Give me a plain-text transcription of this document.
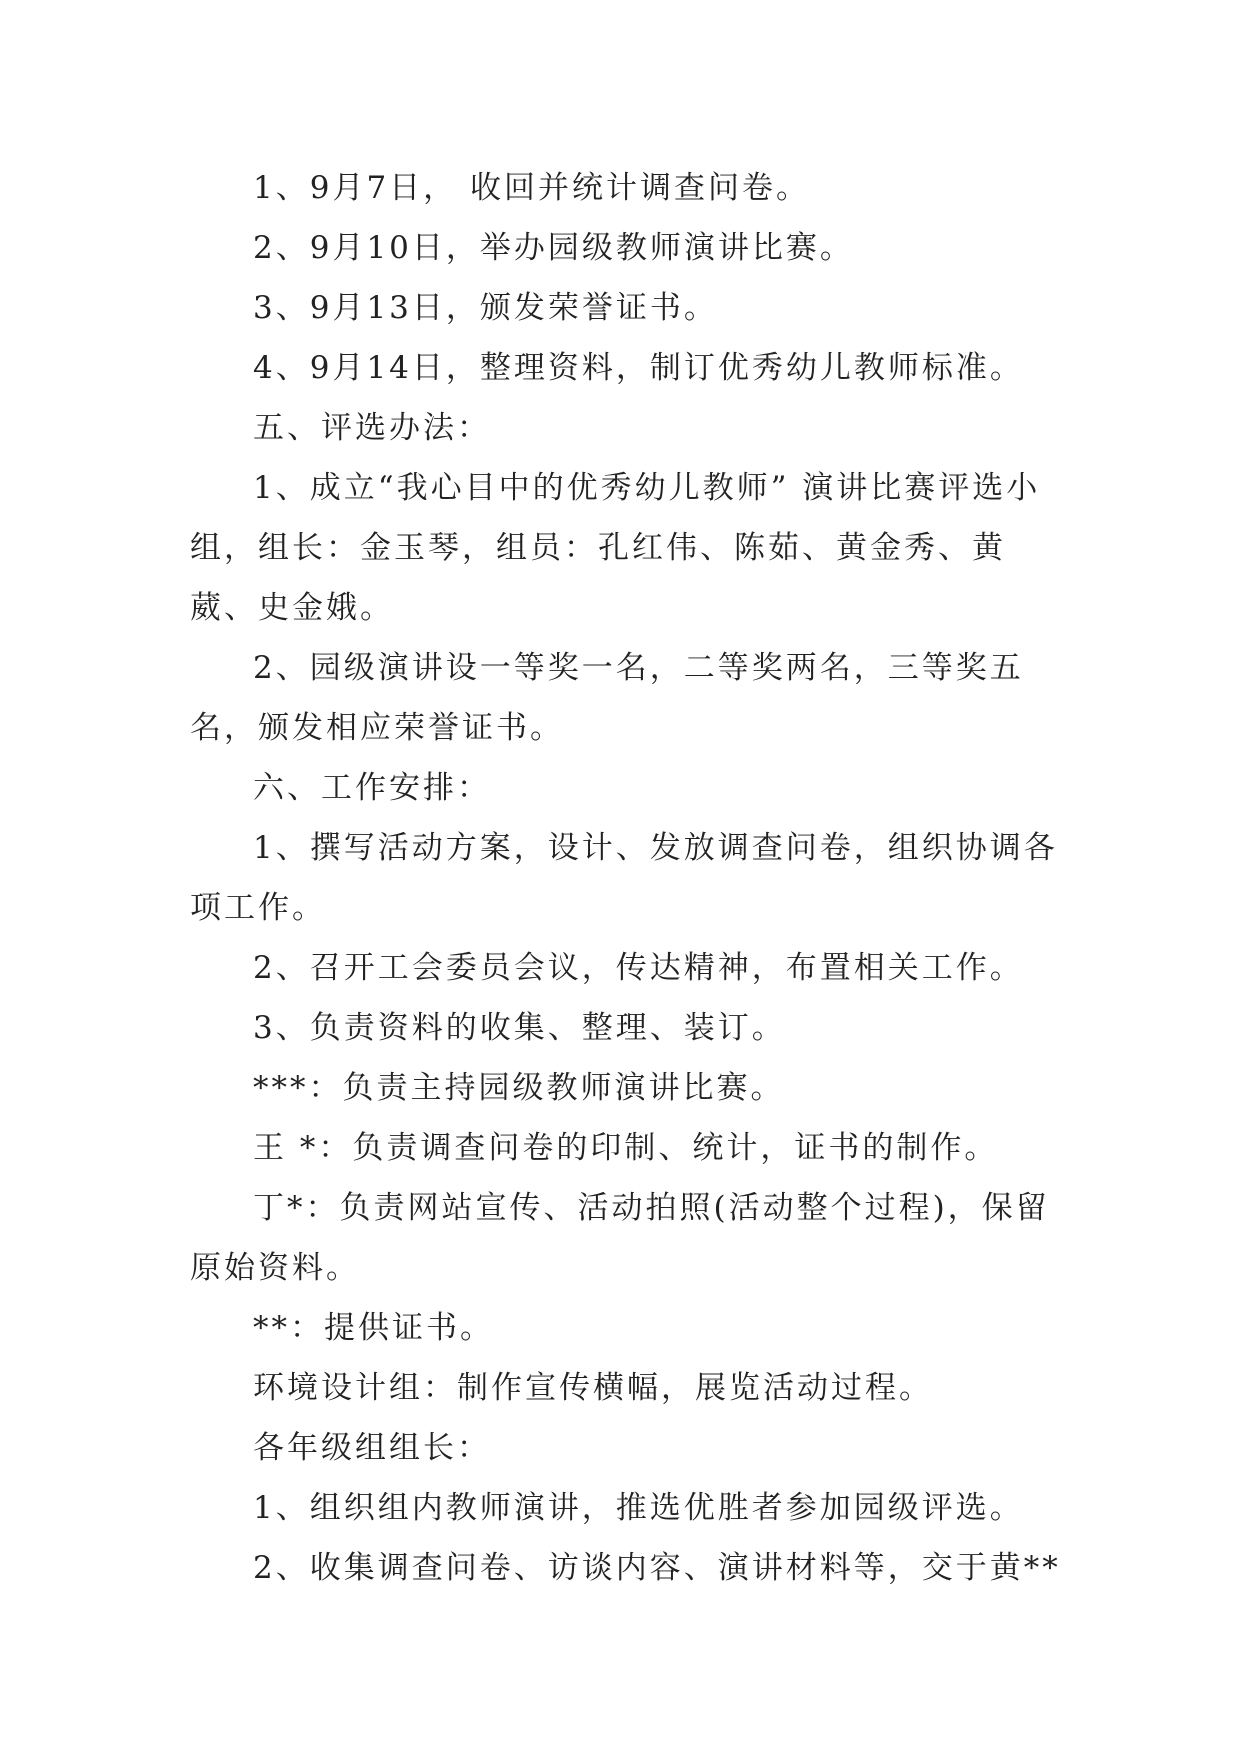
1、9月7日， 收回并统计调查问卷。

2、9月10日，举办园级教师演讲比赛。

3、9月13日，颁发荣誉证书。

4、9月14日，整理资料，制订优秀幼儿教师标准。

五、评选办法：

1、成立“我心目中的优秀幼儿教师” 演讲比赛评选小组，组长：金玉琴，组员：孔红伟、陈茹、黄金秀、黄葳、史金娥。

2、园级演讲设一等奖一名，二等奖两名，三等奖五名，颁发相应荣誉证书。

六、工作安排：

1、撰写活动方案，设计、发放调查问卷，组织协调各项工作。

2、召开工会委员会议，传达精神，布置相关工作。

3、负责资料的收集、整理、装订。

***：负责主持园级教师演讲比赛。

王 *：负责调查问卷的印制、统计，证书的制作。

丁*：负责网站宣传、活动拍照(活动整个过程)，保留原始资料。

**：提供证书。

环境设计组：制作宣传横幅，展览活动过程。

各年级组组长：

1、组织组内教师演讲，推选优胜者参加园级评选。

2、收集调查问卷、访谈内容、演讲材料等，交于黄**
